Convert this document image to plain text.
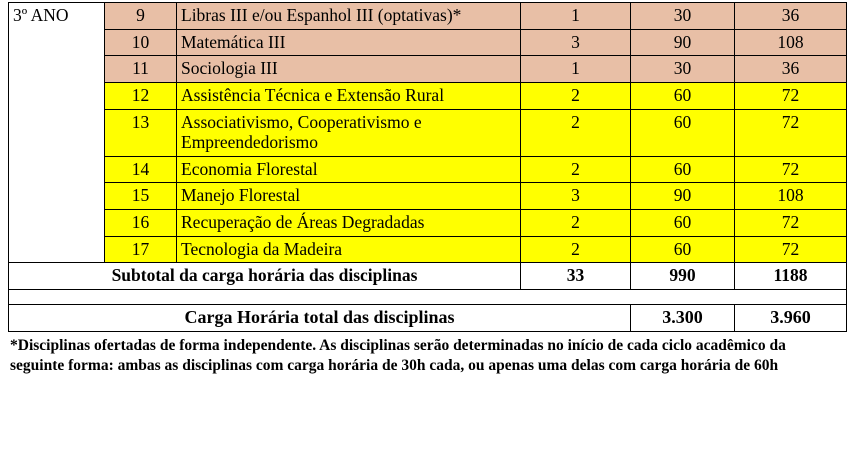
3º ANO	9	Libras III e/ou Espanhol III (optativas)*	1	30	36
	10	Matemática III	3	90	108
	11	Sociologia III	1	30	36
	12	Assistência Técnica e Extensão Rural	2	60	72
	13	Associativismo, Cooperativismo e Empreendedorismo	2	60	72
	14	Economia Florestal	2	60	72
	15	Manejo Florestal	3	90	108
	16	Recuperação de Áreas Degradadas	2	60	72
	17	Tecnologia da Madeira	2	60	72
Subtotal da carga horária das disciplinas			33	990	1188

Carga Horária total das disciplinas				3.300	3.960

*Disciplinas ofertadas de forma independente. As disciplinas serão determinadas no início de cada ciclo acadêmico da seguinte forma: ambas as disciplinas com carga horária de 30h cada, ou apenas uma delas com carga horária de 60h
